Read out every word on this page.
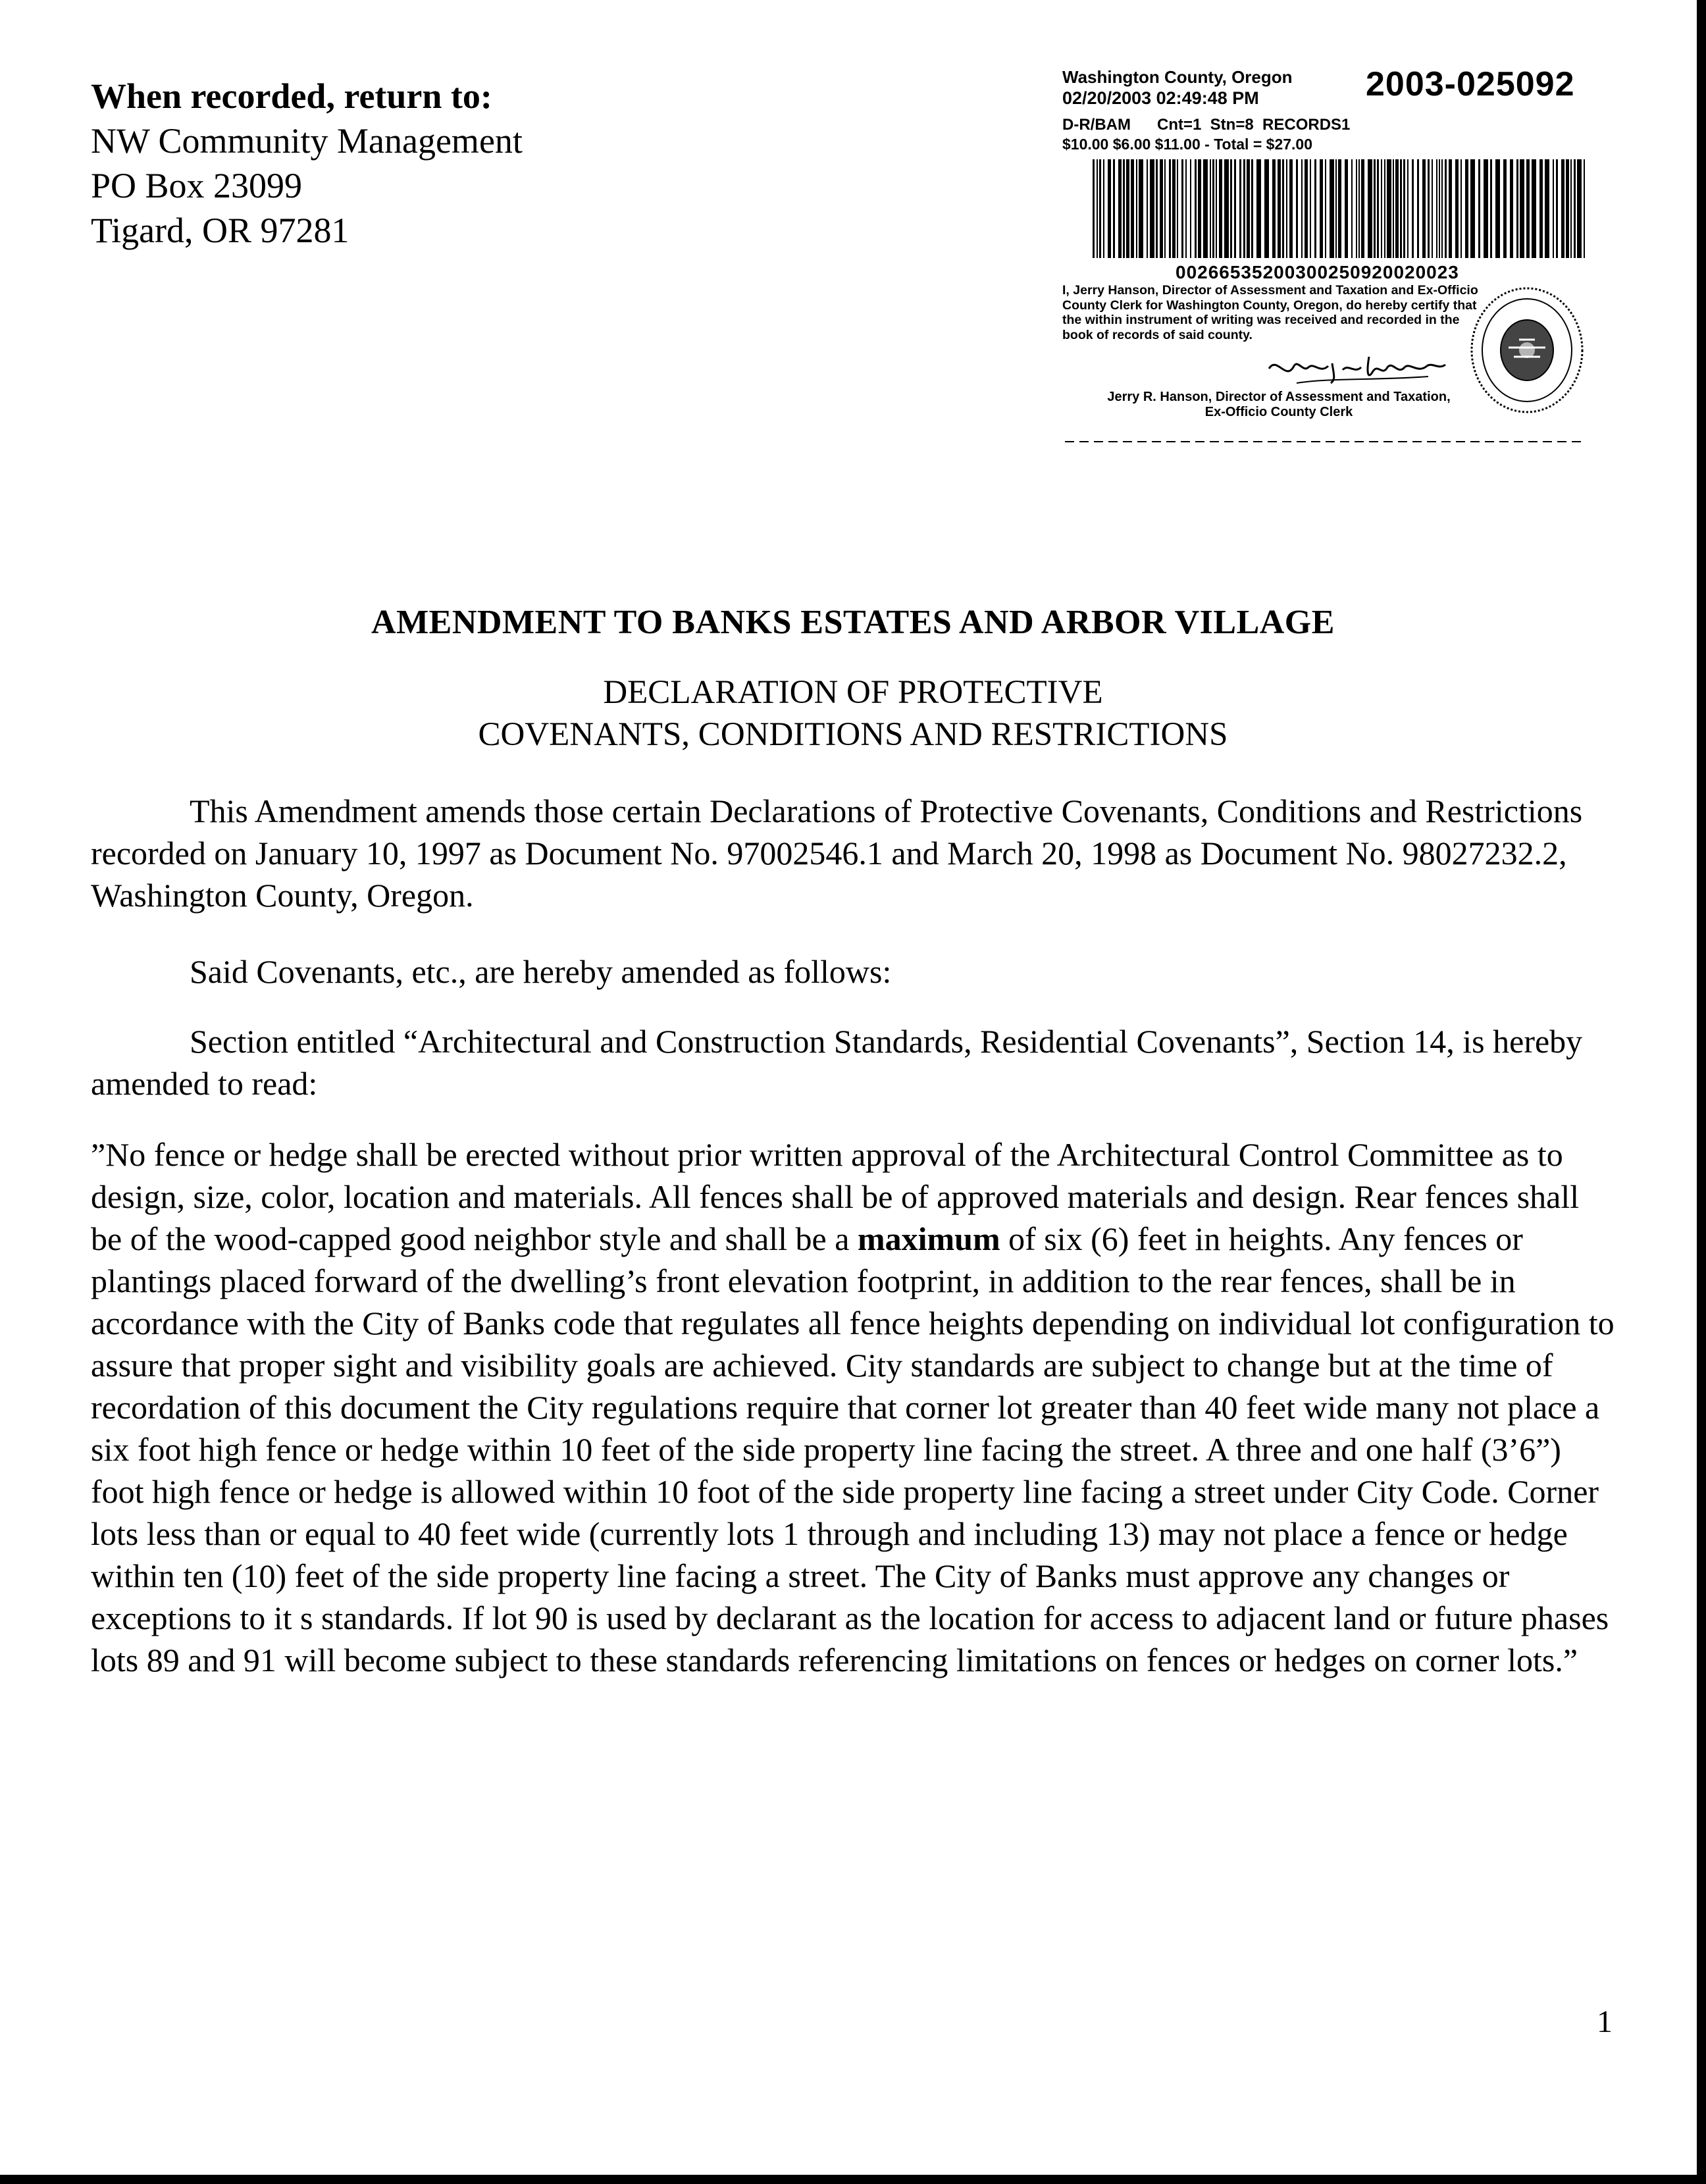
When recorded, return to:
NW Community Management
PO Box 23099
Tigard, OR 97281
Washington County, Oregon 2003-025092
02/20/2003 02:49:48 PM
D-R/BAM      Cnt=1  Stn=8  RECORDS1
$10.00 $6.00 $11.00 - Total = $27.00
00266535200300250920020023
I, Jerry Hanson, Director of Assessment and Taxation and Ex-Officio County Clerk for Washington County, Oregon, do hereby certify that the within instrument of writing was received and recorded in the book of records of said county.
Jerry R. Hanson, Director of Assessment and Taxation,
Ex-Officio County Clerk
AMENDMENT TO BANKS ESTATES AND ARBOR VILLAGE
DECLARATION OF PROTECTIVE
COVENANTS, CONDITIONS AND RESTRICTIONS
This Amendment amends those certain Declarations of Protective Covenants, Conditions and Restrictions recorded on January 10, 1997 as Document No. 97002546.1 and March 20, 1998 as Document No. 98027232.2, Washington County, Oregon.
Said Covenants, etc., are hereby amended as follows:
Section entitled “Architectural and Construction Standards, Residential Covenants”, Section 14, is hereby amended to read:
”No fence or hedge shall be erected without prior written approval of the Architectural Control Committee as to design, size, color, location and materials. All fences shall be of approved materials and design. Rear fences shall be of the wood-capped good neighbor style and shall be a maximum of six (6) feet in heights. Any fences or plantings placed forward of the dwelling’s front elevation footprint, in addition to the rear fences, shall be in accordance with the City of Banks code that regulates all fence heights depending on individual lot configuration to assure that proper sight and visibility goals are achieved. City standards are subject to change but at the time of recordation of this document the City regulations require that corner lot greater than 40 feet wide many not place a six foot high fence or hedge within 10 feet of the side property line facing the street. A three and one half (3’6”) foot high fence or hedge is allowed within 10 foot of the side property line facing a street under City Code. Corner lots less than or equal to 40 feet wide (currently lots 1 through and including 13) may not place a fence or hedge within ten (10) feet of the side property line facing a street. The City of Banks must approve any changes or exceptions to it s standards. If lot 90 is used by declarant as the location for access to adjacent land or future phases lots 89 and 91 will become subject to these standards referencing limitations on fences or hedges on corner lots.”
1
